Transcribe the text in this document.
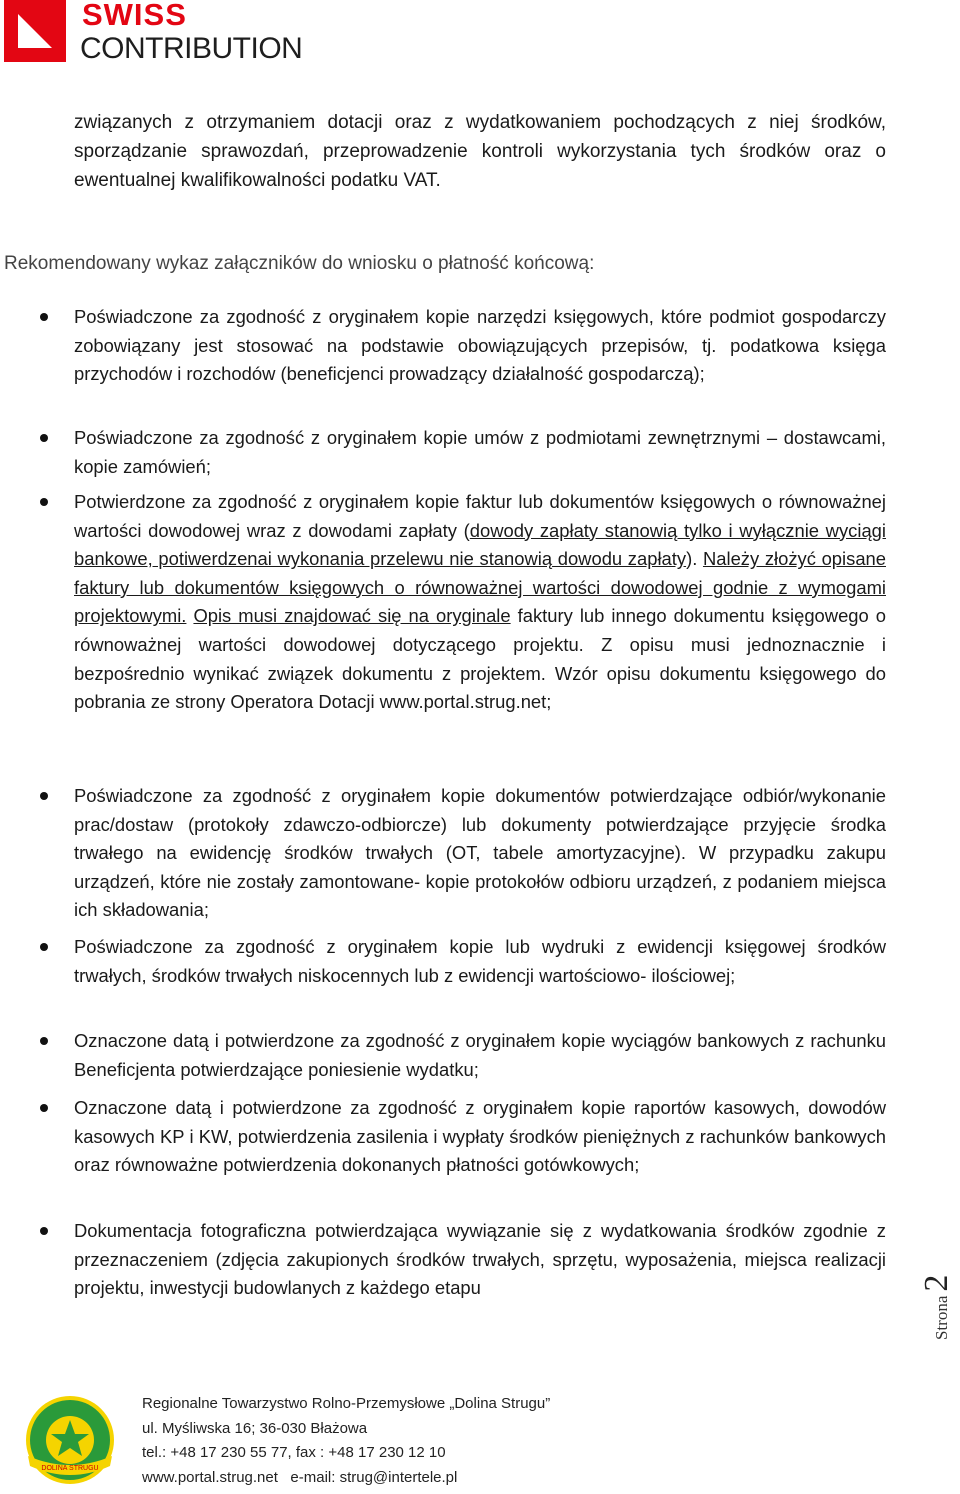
SWISS
CONTRIBUTION

związanych z otrzymaniem dotacji oraz z wydatkowaniem pochodzących z niej środków, sporządzanie sprawozdań, przeprowadzenie kontroli wykorzystania tych środków oraz o ewentualnej kwalifikowalności podatku VAT.

Rekomendowany wykaz załączników do wniosku o płatność końcową:

Poświadczone za zgodność z oryginałem kopie narzędzi księgowych, które podmiot gospodarczy zobowiązany jest stosować na podstawie obowiązujących przepisów, tj. podatkowa księga przychodów i rozchodów (beneficjenci prowadzący działalność gospodarczą);
Poświadczone za zgodność z oryginałem kopie umów z podmiotami zewnętrznymi – dostawcami, kopie zamówień;
Potwierdzone za zgodność z oryginałem kopie faktur lub dokumentów księgowych o równoważnej wartości dowodowej wraz z dowodami zapłaty (dowody zapłaty stanowią tylko i wyłącznie wyciągi bankowe, potiwerdzenai wykonania przelewu nie stanowią dowodu zapłaty). Należy złożyć opisane faktury lub dokumentów księgowych o równoważnej wartości dowodowej godnie z wymogami projektowymi. Opis musi znajdować się na oryginale faktury lub innego dokumentu księgowego o równoważnej wartości dowodowej dotyczącego projektu. Z opisu musi jednoznacznie i bezpośrednio wynikać związek dokumentu z projektem. Wzór opisu dokumentu księgowego do pobrania ze strony Operatora Dotacji www.portal.strug.net;
Poświadczone za zgodność z oryginałem kopie dokumentów potwierdzające odbiór/wykonanie prac/dostaw (protokoły zdawczo-odbiorcze) lub dokumenty potwierdzające przyjęcie środka trwałego na ewidencję środków trwałych (OT, tabele amortyzacyjne). W przypadku zakupu urządzeń, które nie zostały zamontowane- kopie protokołów odbioru urządzeń, z podaniem miejsca ich składowania;
Poświadczone za zgodność z oryginałem kopie lub wydruki z ewidencji księgowej środków trwałych, środków trwałych niskocennych lub z ewidencji wartościowo- ilościowej;
Oznaczone datą i potwierdzone za zgodność z oryginałem kopie wyciągów bankowych z rachunku Beneficjenta potwierdzające poniesienie wydatku;
Oznaczone datą i potwierdzone za zgodność z oryginałem kopie raportów kasowych, dowodów kasowych KP i KW, potwierdzenia zasilenia i wypłaty środków pieniężnych z rachunków bankowych oraz równoważne potwierdzenia dokonanych płatności gotówkowych;
Dokumentacja fotograficzna potwierdzająca wywiązanie się z wydatkowania środków zgodnie z przeznaczeniem (zdjęcia zakupionych środków trwałych, sprzętu, wyposażenia, miejsca realizacji projektu, inwestycji budowlanych z każdego etapu
Strona2
DOLINA STRUGU
Regionalne Towarzystwo Rolno-Przemysłowe „Dolina Strugu”
ul. Myśliwska 16; 36-030 Błażowa
tel.: +48 17 230 55 77, fax : +48 17 230 12 10
www.portal.strug.net   e-mail: strug@intertele.pl
